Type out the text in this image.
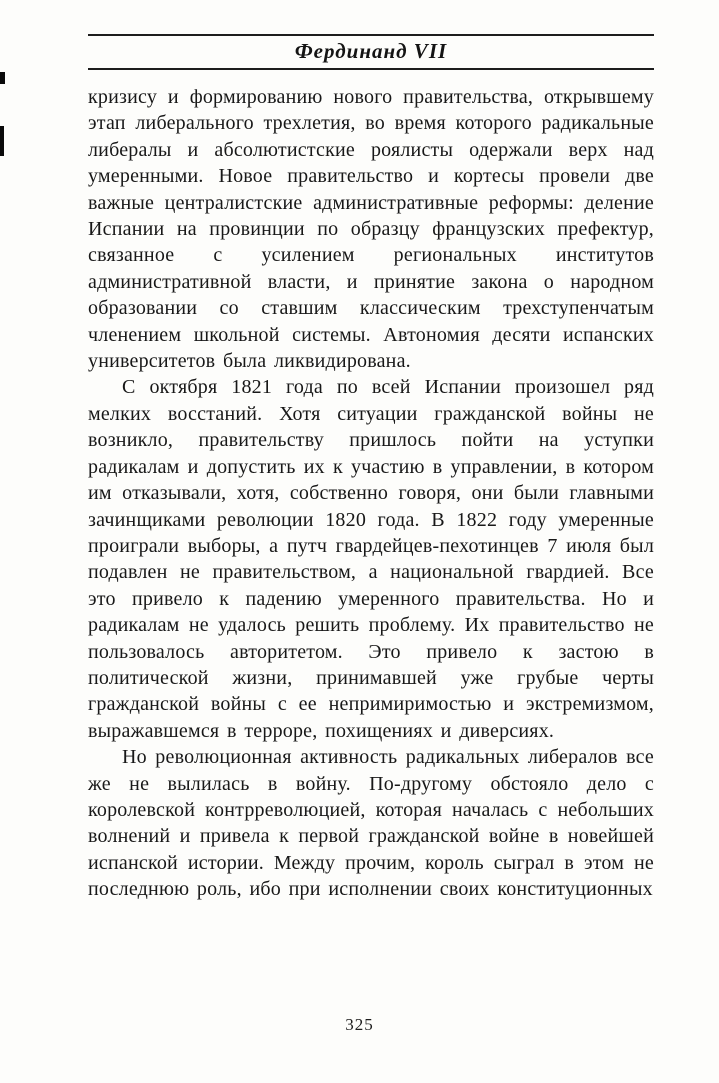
Фердинанд VII

кризису и формированию нового правительства, открывшему этап либерального трехлетия, во время которого радикальные либералы и абсолютистские роялисты одержали верх над умеренными. Новое правительство и кортесы провели две важные централистские административные реформы: деление Испании на провинции по образцу французских префектур, связанное с усилением региональных институтов административной власти, и принятие закона о народном образовании со ставшим классическим трехступенчатым членением школьной системы. Автономия десяти испанских университетов была ликвидирована.

С октября 1821 года по всей Испании произошел ряд мелких восстаний. Хотя ситуации гражданской войны не возникло, правительству пришлось пойти на уступки радикалам и допустить их к участию в управлении, в котором им отказывали, хотя, собственно говоря, они были главными зачинщиками революции 1820 года. В 1822 году умеренные проиграли выборы, а путч гвардейцев-пехотинцев 7 июля был подавлен не правительством, а национальной гвардией. Все это привело к падению умеренного правительства. Но и радикалам не удалось решить проблему. Их правительство не пользовалось авторитетом. Это привело к застою в политической жизни, принимавшей уже грубые черты гражданской войны с ее непримиримостью и экстремизмом, выражавшемся в терроре, похищениях и диверсиях.

Но революционная активность радикальных либералов все же не вылилась в войну. По-другому обстояло дело с королевской контрреволюцией, которая началась с небольших волнений и привела к первой гражданской войне в новейшей испанской истории. Между прочим, король сыграл в этом не последнюю роль, ибо при исполнении своих конституционных

325
